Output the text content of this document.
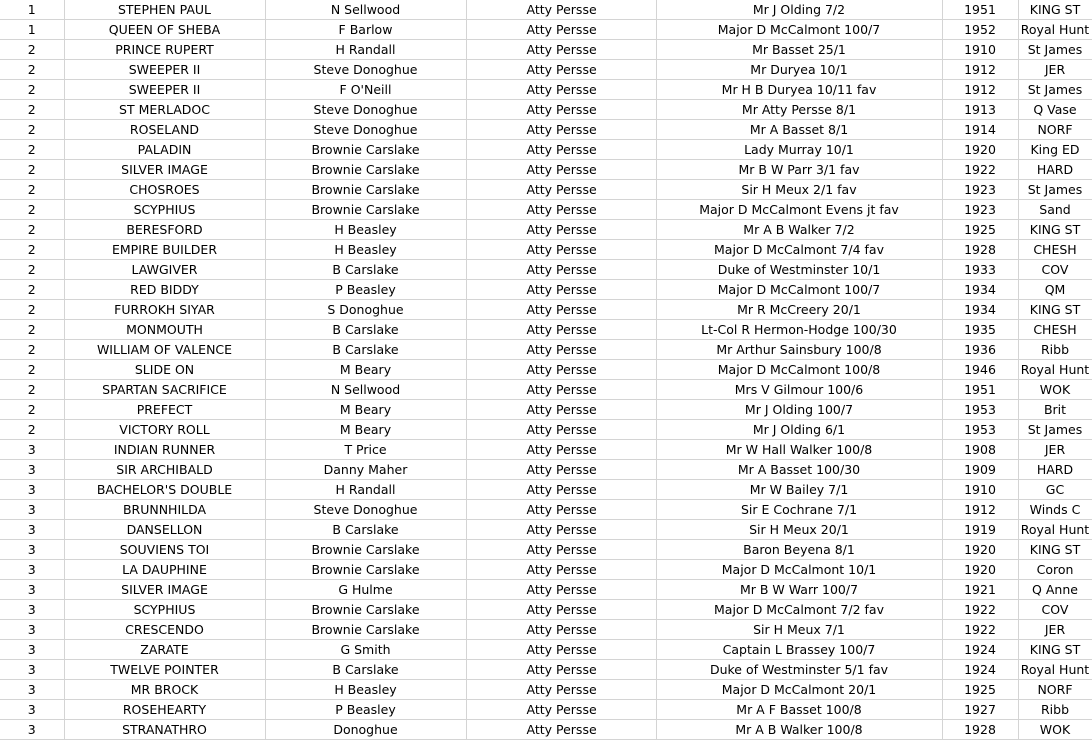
1	STEPHEN PAUL	N Sellwood	Atty Persse	Mr J Olding 7/2	1951	KING ST
1	QUEEN OF SHEBA	F Barlow	Atty Persse	Major D McCalmont 100/7	1952	Royal Hunt
2	PRINCE RUPERT	H Randall	Atty Persse	Mr Basset 25/1	1910	St James
2	SWEEPER II	Steve Donoghue	Atty Persse	Mr Duryea 10/1	1912	JER
2	SWEEPER II	F O'Neill	Atty Persse	Mr H B Duryea 10/11 fav	1912	St James
2	ST MERLADOC	Steve Donoghue	Atty Persse	Mr Atty Persse 8/1	1913	Q Vase
2	ROSELAND	Steve Donoghue	Atty Persse	Mr A Basset 8/1	1914	NORF
2	PALADIN	Brownie Carslake	Atty Persse	Lady Murray 10/1	1920	King ED
2	SILVER IMAGE	Brownie Carslake	Atty Persse	Mr B W Parr 3/1 fav	1922	HARD
2	CHOSROES	Brownie Carslake	Atty Persse	Sir H Meux 2/1 fav	1923	St James
2	SCYPHIUS	Brownie Carslake	Atty Persse	Major D McCalmont Evens jt fav	1923	Sand
2	BERESFORD	H Beasley	Atty Persse	Mr A B Walker 7/2	1925	KING ST
2	EMPIRE BUILDER	H Beasley	Atty Persse	Major D McCalmont 7/4 fav	1928	CHESH
2	LAWGIVER	B Carslake	Atty Persse	Duke of Westminster 10/1	1933	COV
2	RED BIDDY	P Beasley	Atty Persse	Major D McCalmont 100/7	1934	QM
2	FURROKH SIYAR	S Donoghue	Atty Persse	Mr R McCreery 20/1	1934	KING ST
2	MONMOUTH	B Carslake	Atty Persse	Lt-Col R Hermon-Hodge 100/30	1935	CHESH
2	WILLIAM OF VALENCE	B Carslake	Atty Persse	Mr Arthur Sainsbury 100/8	1936	Ribb
2	SLIDE ON	M Beary	Atty Persse	Major D McCalmont 100/8	1946	Royal Hunt
2	SPARTAN SACRIFICE	N Sellwood	Atty Persse	Mrs V Gilmour 100/6	1951	WOK
2	PREFECT	M Beary	Atty Persse	Mr J Olding 100/7	1953	Brit
2	VICTORY ROLL	M Beary	Atty Persse	Mr J Olding 6/1	1953	St James
3	INDIAN RUNNER	T Price	Atty Persse	Mr W Hall Walker 100/8	1908	JER
3	SIR ARCHIBALD	Danny Maher	Atty Persse	Mr A Basset 100/30	1909	HARD
3	BACHELOR'S DOUBLE	H Randall	Atty Persse	Mr W Bailey 7/1	1910	GC
3	BRUNNHILDA	Steve Donoghue	Atty Persse	Sir E Cochrane 7/1	1912	Winds C
3	DANSELLON	B Carslake	Atty Persse	Sir H Meux 20/1	1919	Royal Hunt
3	SOUVIENS TOI	Brownie Carslake	Atty Persse	Baron Beyena 8/1	1920	KING ST
3	LA DAUPHINE	Brownie Carslake	Atty Persse	Major D McCalmont 10/1	1920	Coron
3	SILVER IMAGE	G Hulme	Atty Persse	Mr B W Warr 100/7	1921	Q Anne
3	SCYPHIUS	Brownie Carslake	Atty Persse	Major D McCalmont 7/2 fav	1922	COV
3	CRESCENDO	Brownie Carslake	Atty Persse	Sir H Meux 7/1	1922	JER
3	ZARATE	G Smith	Atty Persse	Captain L Brassey 100/7	1924	KING ST
3	TWELVE POINTER	B Carslake	Atty Persse	Duke of Westminster 5/1 fav	1924	Royal Hunt
3	MR BROCK	H Beasley	Atty Persse	Major D McCalmont 20/1	1925	NORF
3	ROSEHEARTY	P Beasley	Atty Persse	Mr A F Basset 100/8	1927	Ribb
3	STRANATHRO	Donoghue	Atty Persse	Mr A B Walker 100/8	1928	WOK
